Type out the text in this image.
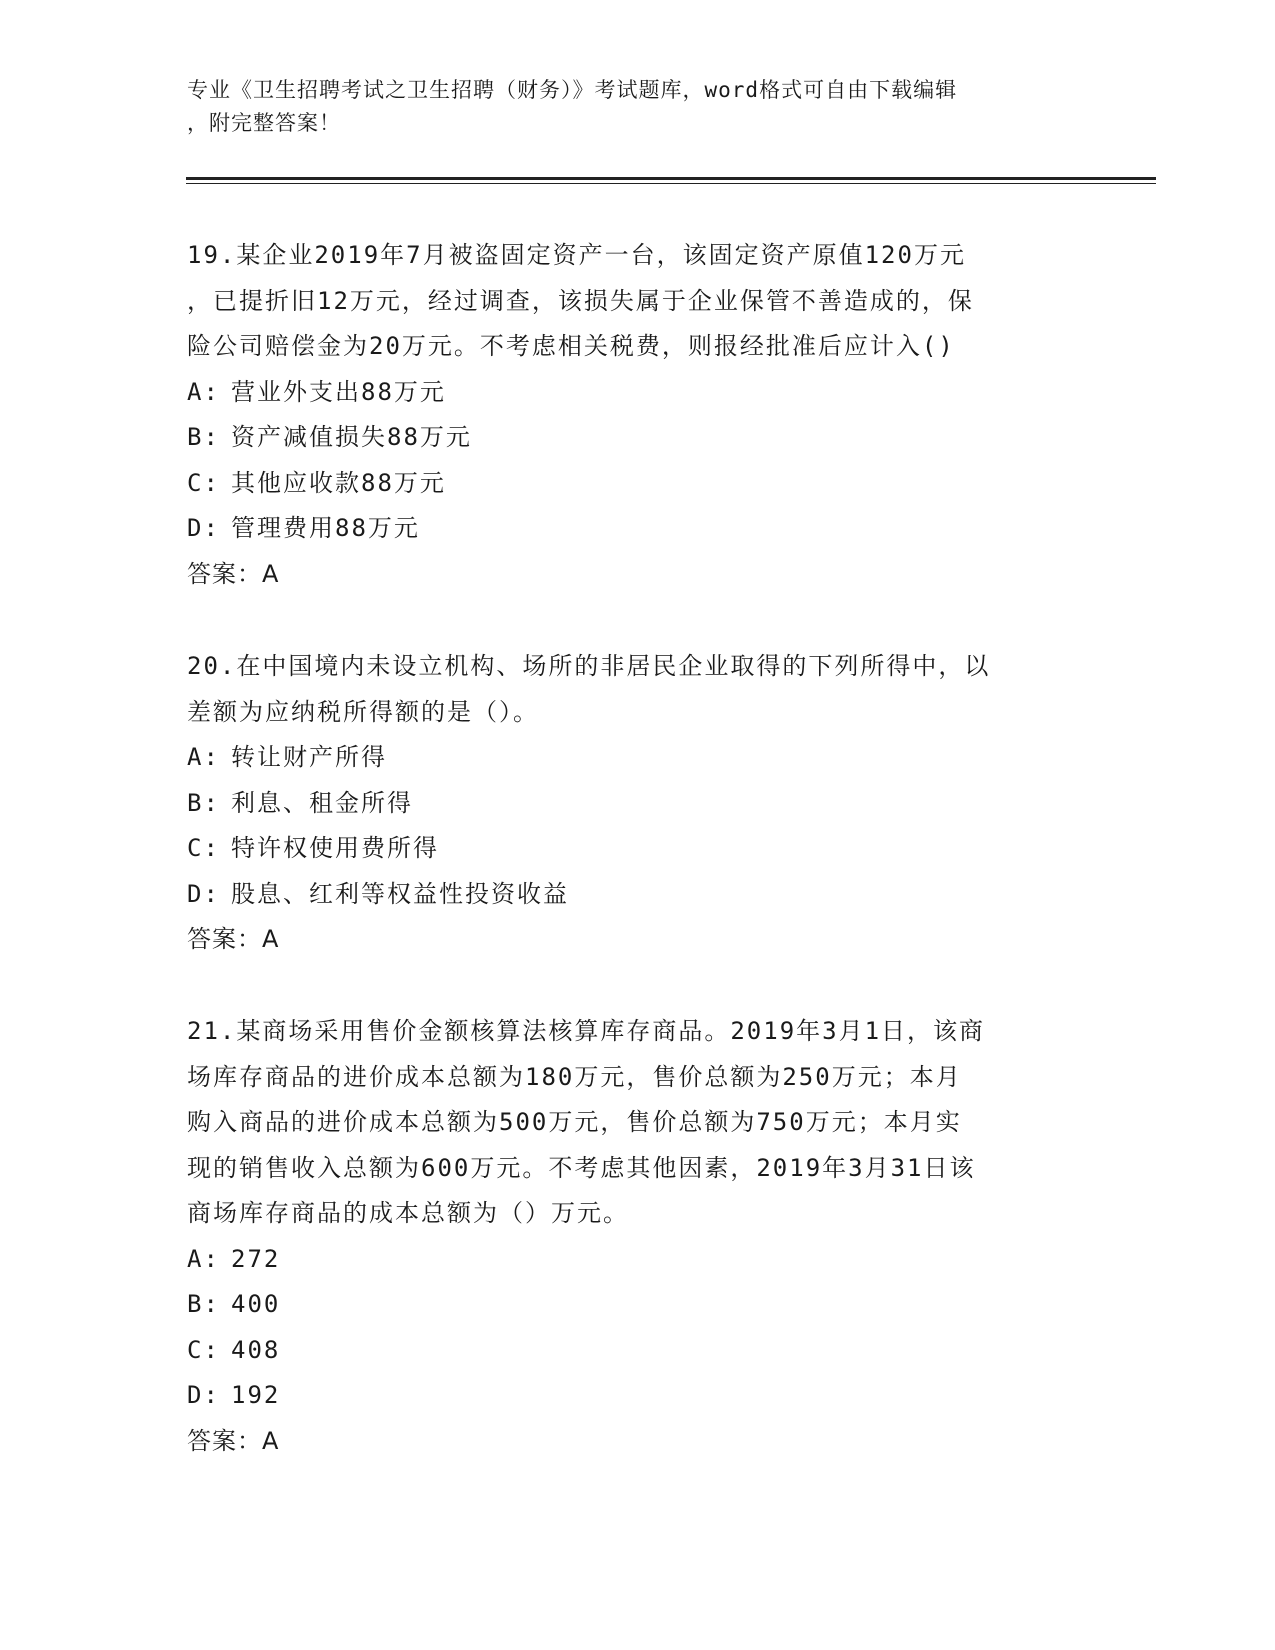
专业《卫生招聘考试之卫生招聘（财务）》考试题库，word格式可自由下载编辑
，附完整答案！

19.某企业2019年7月被盗固定资产一台，该固定资产原值120万元

，已提折旧12万元，经过调查，该损失属于企业保管不善造成的，保

险公司赔偿金为20万元。不考虑相关税费，则报经批准后应计入()

A: 营业外支出88万元

B: 资产减值损失88万元

C: 其他应收款88万元

D: 管理费用88万元

答案：A

20.在中国境内未设立机构、场所的非居民企业取得的下列所得中，以

差额为应纳税所得额的是（）。

A: 转让财产所得

B: 利息、租金所得

C: 特许权使用费所得

D: 股息、红利等权益性投资收益

答案：A

21.某商场采用售价金额核算法核算库存商品。2019年3月1日，该商

场库存商品的进价成本总额为180万元，售价总额为250万元；本月

购入商品的进价成本总额为500万元，售价总额为750万元；本月实

现的销售收入总额为600万元。不考虑其他因素，2019年3月31日该

商场库存商品的成本总额为（）万元。

A: 272

B: 400

C: 408

D: 192

答案：A
